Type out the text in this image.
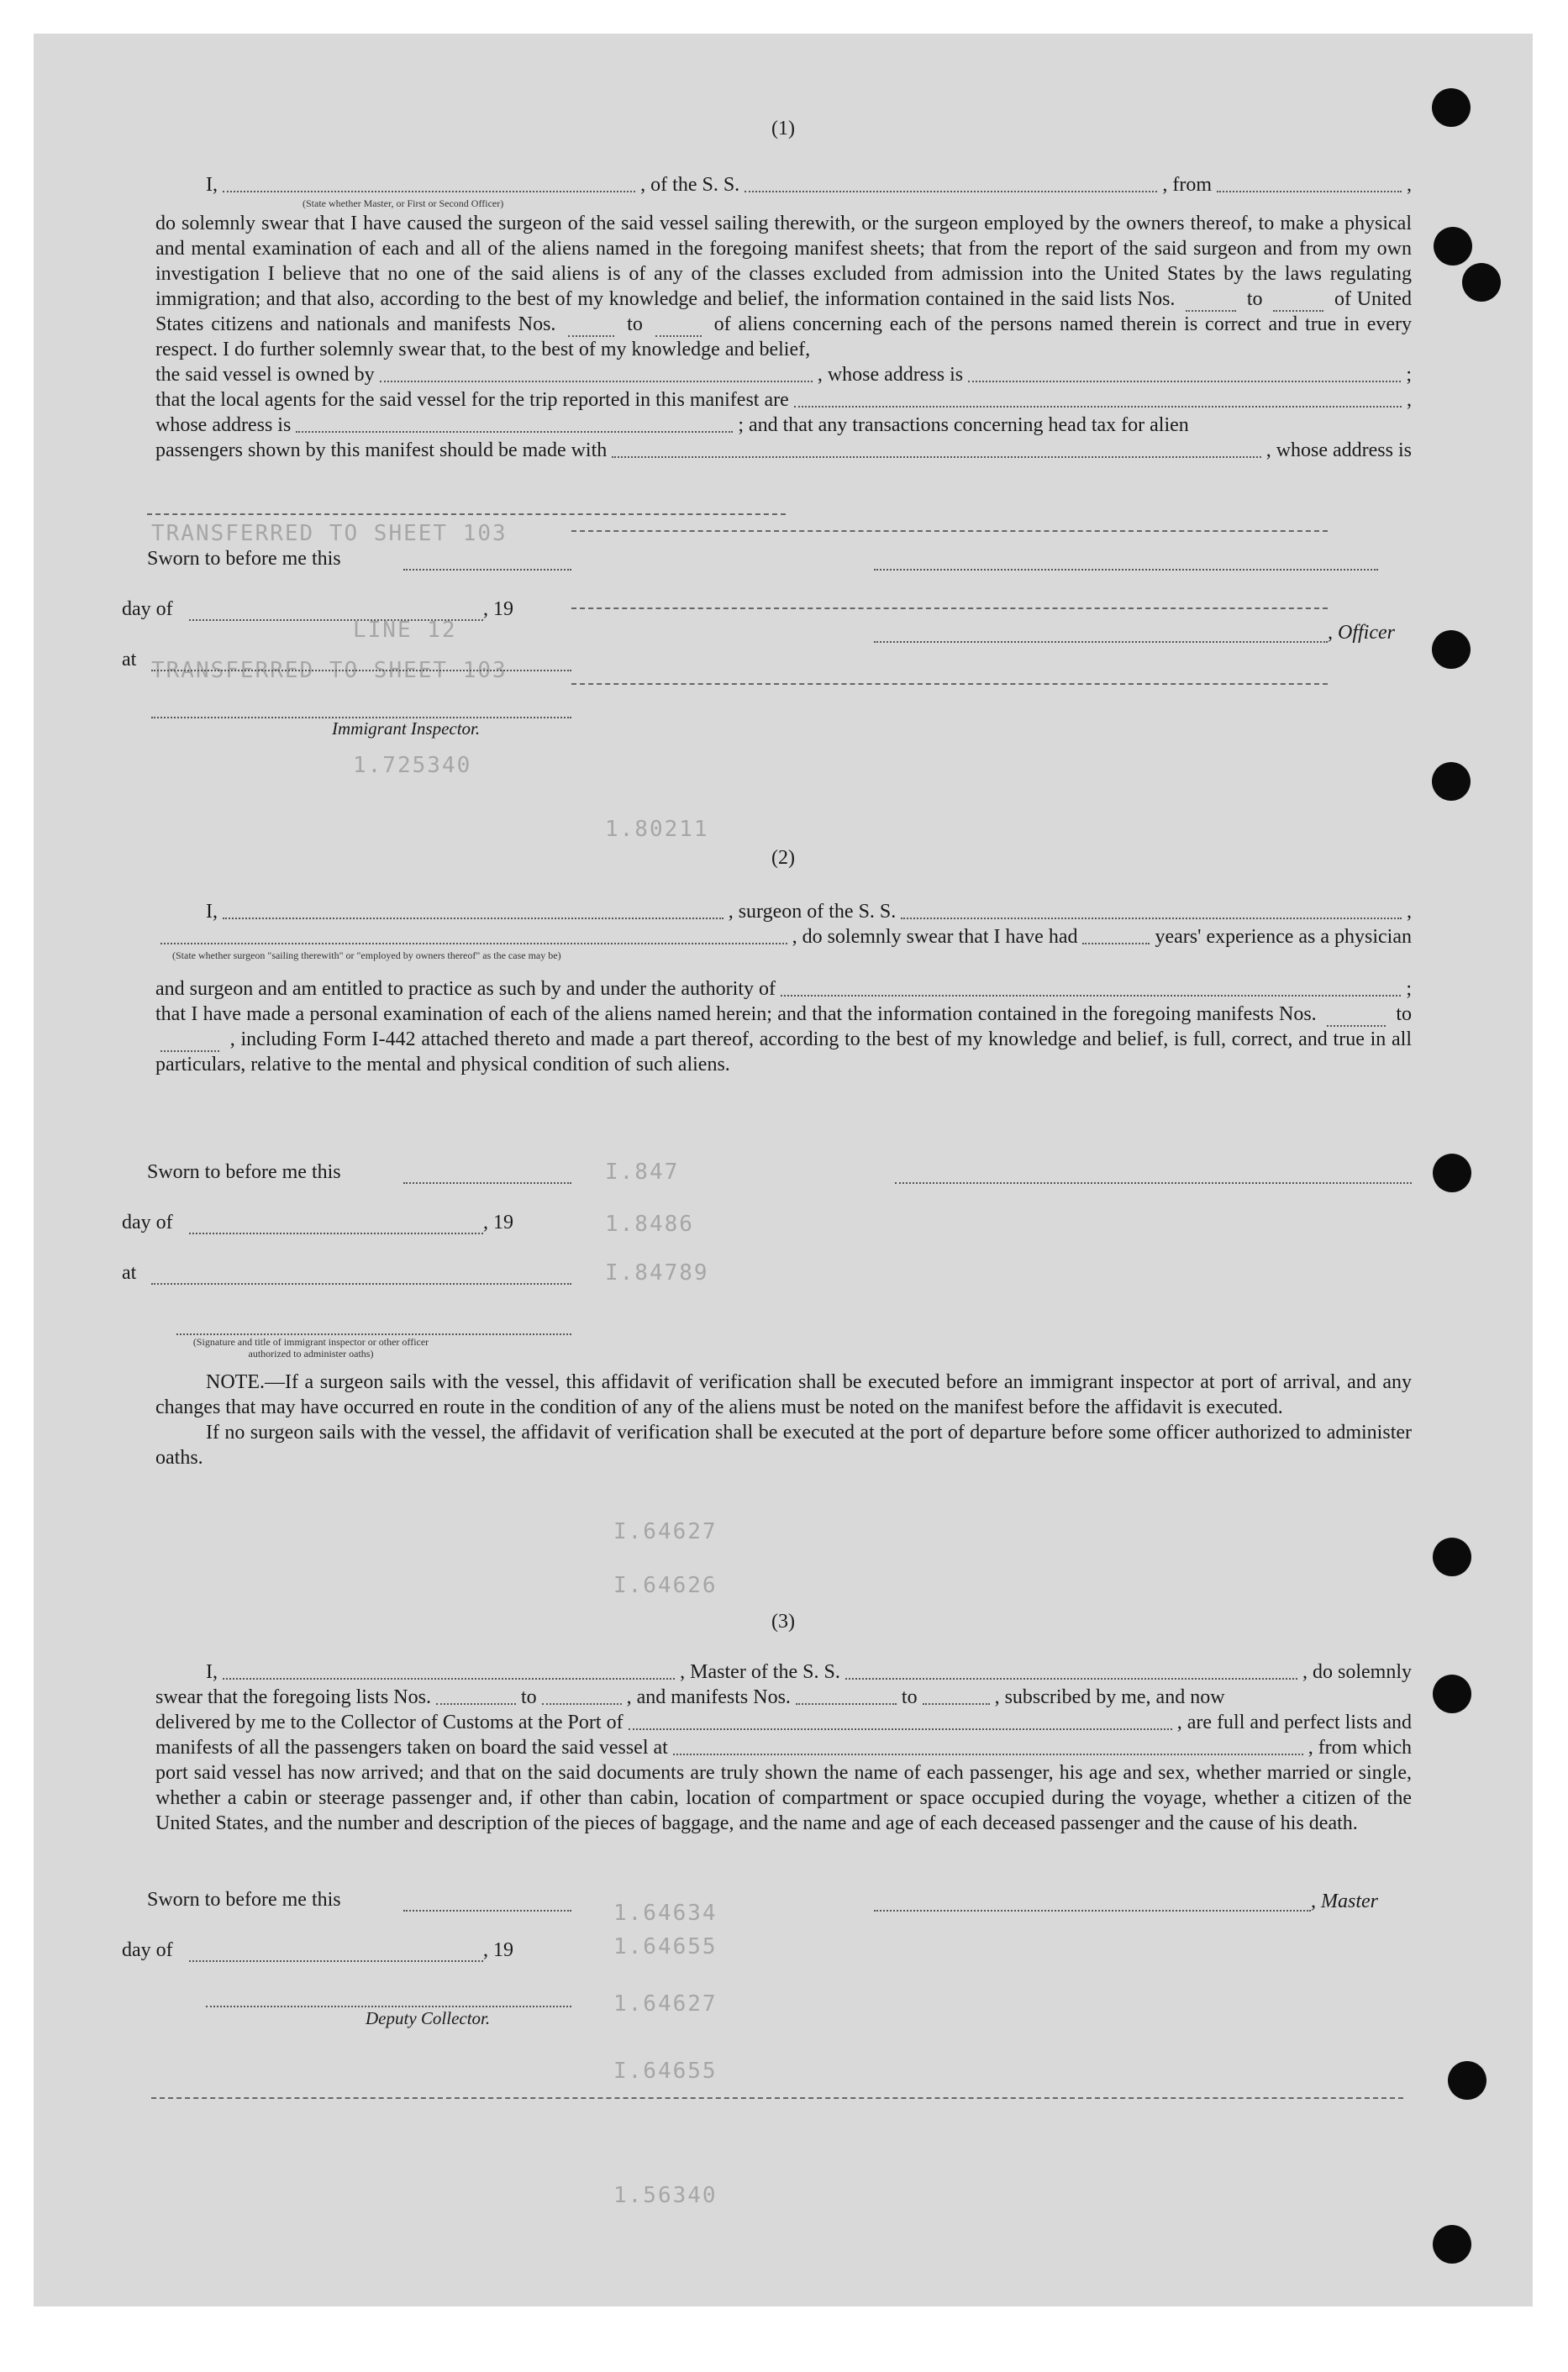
TRANSFERRED TO SHEET 103
TRANSFERRED TO SHEET 103
LINE 12
1.725340
1.80211
I.847
1.8486
I.84789
I.64627
I.64626
1.64634
1.64655
1.64627
I.64655
1.56340
(1)
I,	, of the S. S.	, from	,
(State whether Master, or First or Second Officer)

do solemnly swear that I have caused the surgeon of the said vessel sailing therewith, or the surgeon employed by the owners thereof, to make a physical and mental examination of each and all of the aliens named in the foregoing manifest sheets; that from the report of the said surgeon and from my own investigation I believe that no one of the said aliens is of any of the classes excluded from admission into the United States by the laws regulating immigration; and that also, according to the best of my knowledge and belief, the information contained in the said lists Nos.	to	of United States citizens and nationals and manifests Nos.	to	of aliens concerning each of the persons named therein is correct and true in every respect. I do further solemnly swear that, to the best of my knowledge and belief,

the said vessel is owned by	, whose address is	;
that the local agents for the said vessel for the trip reported in this manifest are	,
whose address is	; and that any transactions concerning head tax for alien
passengers shown by this manifest should be made with	, whose address is
Sworn to before me this
day of	, 19
, Officer
at
Immigrant Inspector.
(2)
I,	, surgeon of the S. S.	,
, do solemnly swear that I have had	years' experience as a physician
(State whether surgeon "sailing therewith" or "employed by owners thereof" as the case may be)
and surgeon and am entitled to practice as such by and under the authority of	;

that I have made a personal examination of each of the aliens named herein; and that the information contained in the foregoing manifests Nos.	to  , including Form I-442 attached thereto and made a part thereof, according to the best of my knowledge and belief, is full, correct, and true in all particulars, relative to the mental and physical condition of such aliens.

Sworn to before me this
day of	, 19
at
(Signature and title of immigrant inspector or other officer authorized to administer oaths)

NOTE.—If a surgeon sails with the vessel, this affidavit of verification shall be executed before an immigrant inspector at port of arrival, and any changes that may have occurred en route in the condition of any of the aliens must be noted on the manifest before the affidavit is executed.

If no surgeon sails with the vessel, the affidavit of verification shall be executed at the port of departure before some officer authorized to administer oaths.

(3)
I,	, Master of the S. S.	, do solemnly
swear that the foregoing lists Nos.	to	, and manifests Nos.	to	, subscribed by me, and now
delivered by me to the Collector of Customs at the Port of	, are full and perfect lists and
manifests of all the passengers taken on board the said vessel at	, from which

port said vessel has now arrived; and that on the said documents are truly shown the name of each passenger, his age and sex, whether married or single, whether a cabin or steerage passenger and, if other than cabin, location of compartment or space occupied during the voyage, whether a citizen of the United States, and the number and description of the pieces of baggage, and the name and age of each deceased passenger and the cause of his death.

Sworn to before me this	, Master
day of	, 19
Deputy Collector.
